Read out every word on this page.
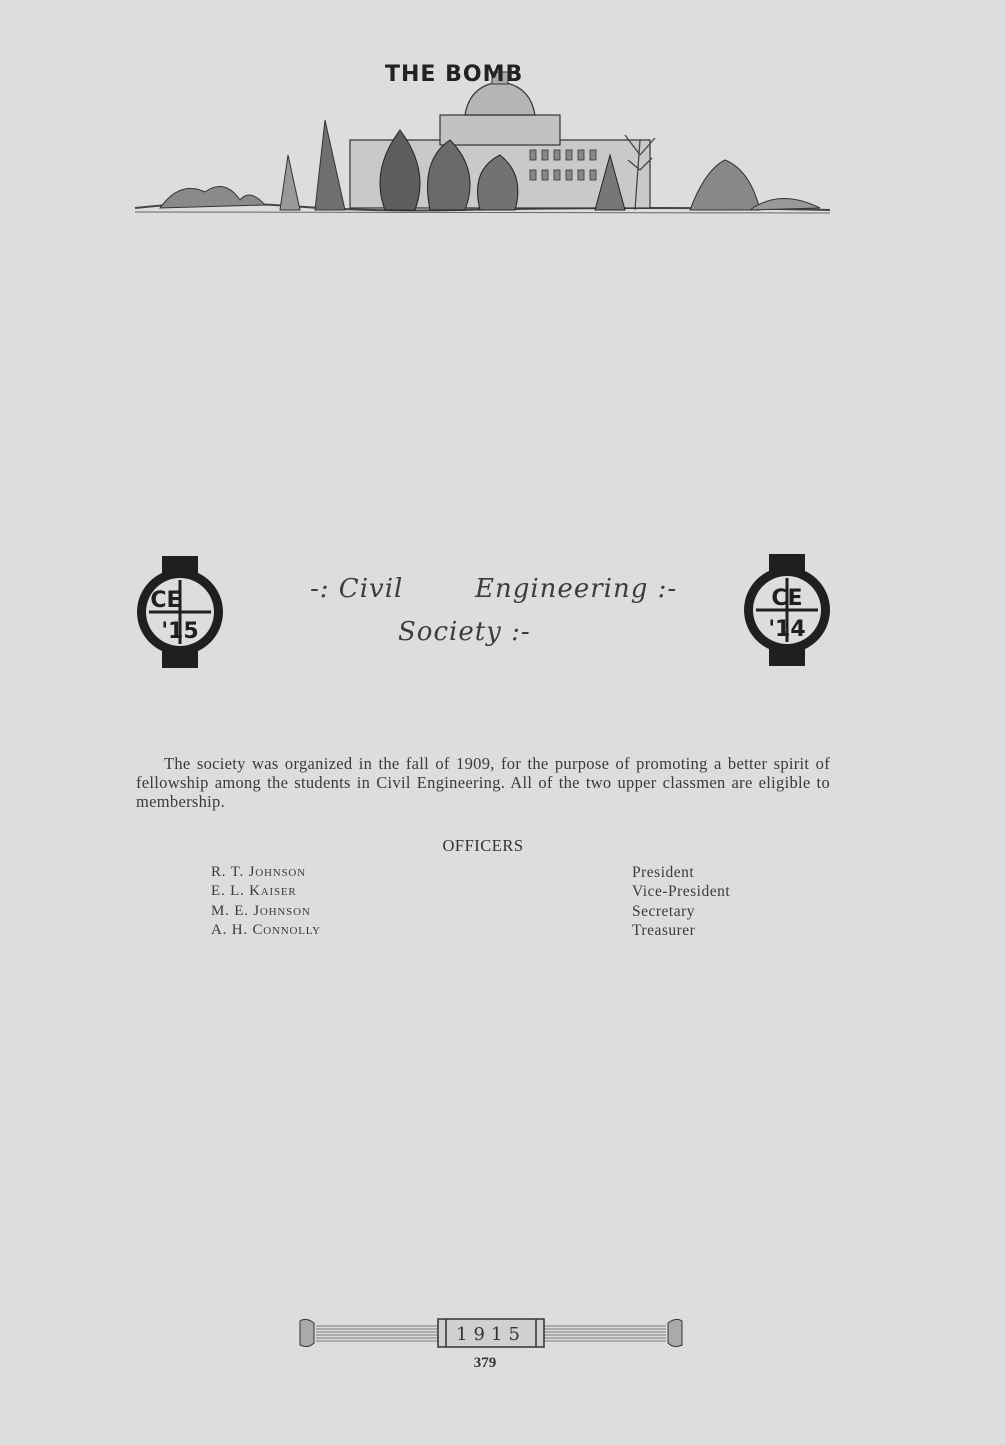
THE BOMB
CE
'15
CE
'14
-: Civil	Engineering :-
Society :-

The society was organized in the fall of 1909, for the purpose of promoting a better spirit of fellowship among the students in Civil Engineering. All of the two upper classmen are eligible to membership.

OFFICERS
R. T. Johnson	President
E. L. Kaiser	Vice-President
M. E. Johnson	Secretary
A. H. Connolly	Treasurer
1915
379
